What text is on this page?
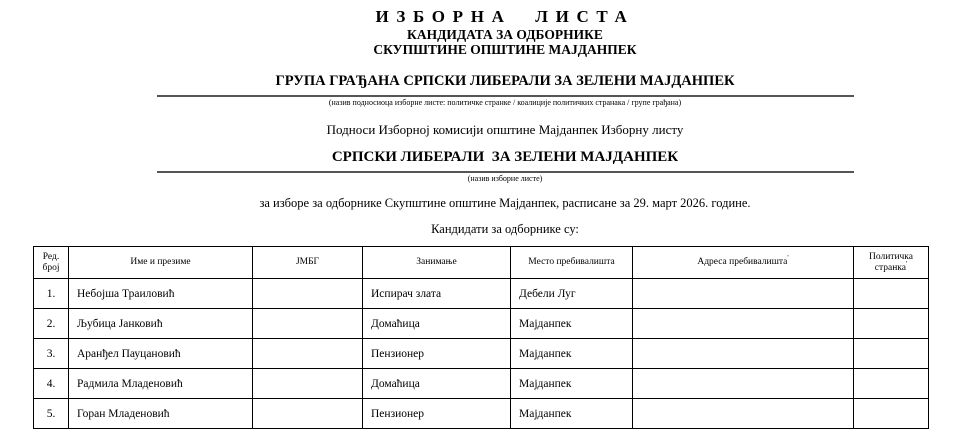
ИЗБОРНА ЛИСТА
КАНДИДАТА ЗА ОДБОРНИКЕ
СКУПШТИНЕ ОПШТИНЕ МАЈДАНПЕК
ГРУПА ГРАЂАНА СРПСКИ ЛИБЕРАЛИ ЗА ЗЕЛЕНИ МАЈДАНПЕК
(назив подносиоца изборне листе: политичке странке / коалиције политичких странака / групе грађана)
Подноси Изборној комисији општине Мајданпек Изборну листу
СРПСКИ ЛИБЕРАЛИ  ЗА ЗЕЛЕНИ МАЈДАНПЕК
(назив изборне листе)
за изборе за одборнике Скупштине општине Мајданпек, расписане за 29. март 2026. године.
Кандидати за одборнике су:
Ред. број	Име и презиме	ЈМБГ	Занимање	Место пребивалишта	Адреса пребивалишта'	Политичка странка'
1.	Небојша Траиловић		Испирач злата	Дебели Луг		
2.	Љубица Јанковић		Домаћица	Мајданпек		
3.	Аранђел Пауцановић		Пензионер	Мајданпек		
4.	Радмила Младеновић		Домаћица	Мајданпек		
5.	Горан Младеновић		Пензионер	Мајданпек		
